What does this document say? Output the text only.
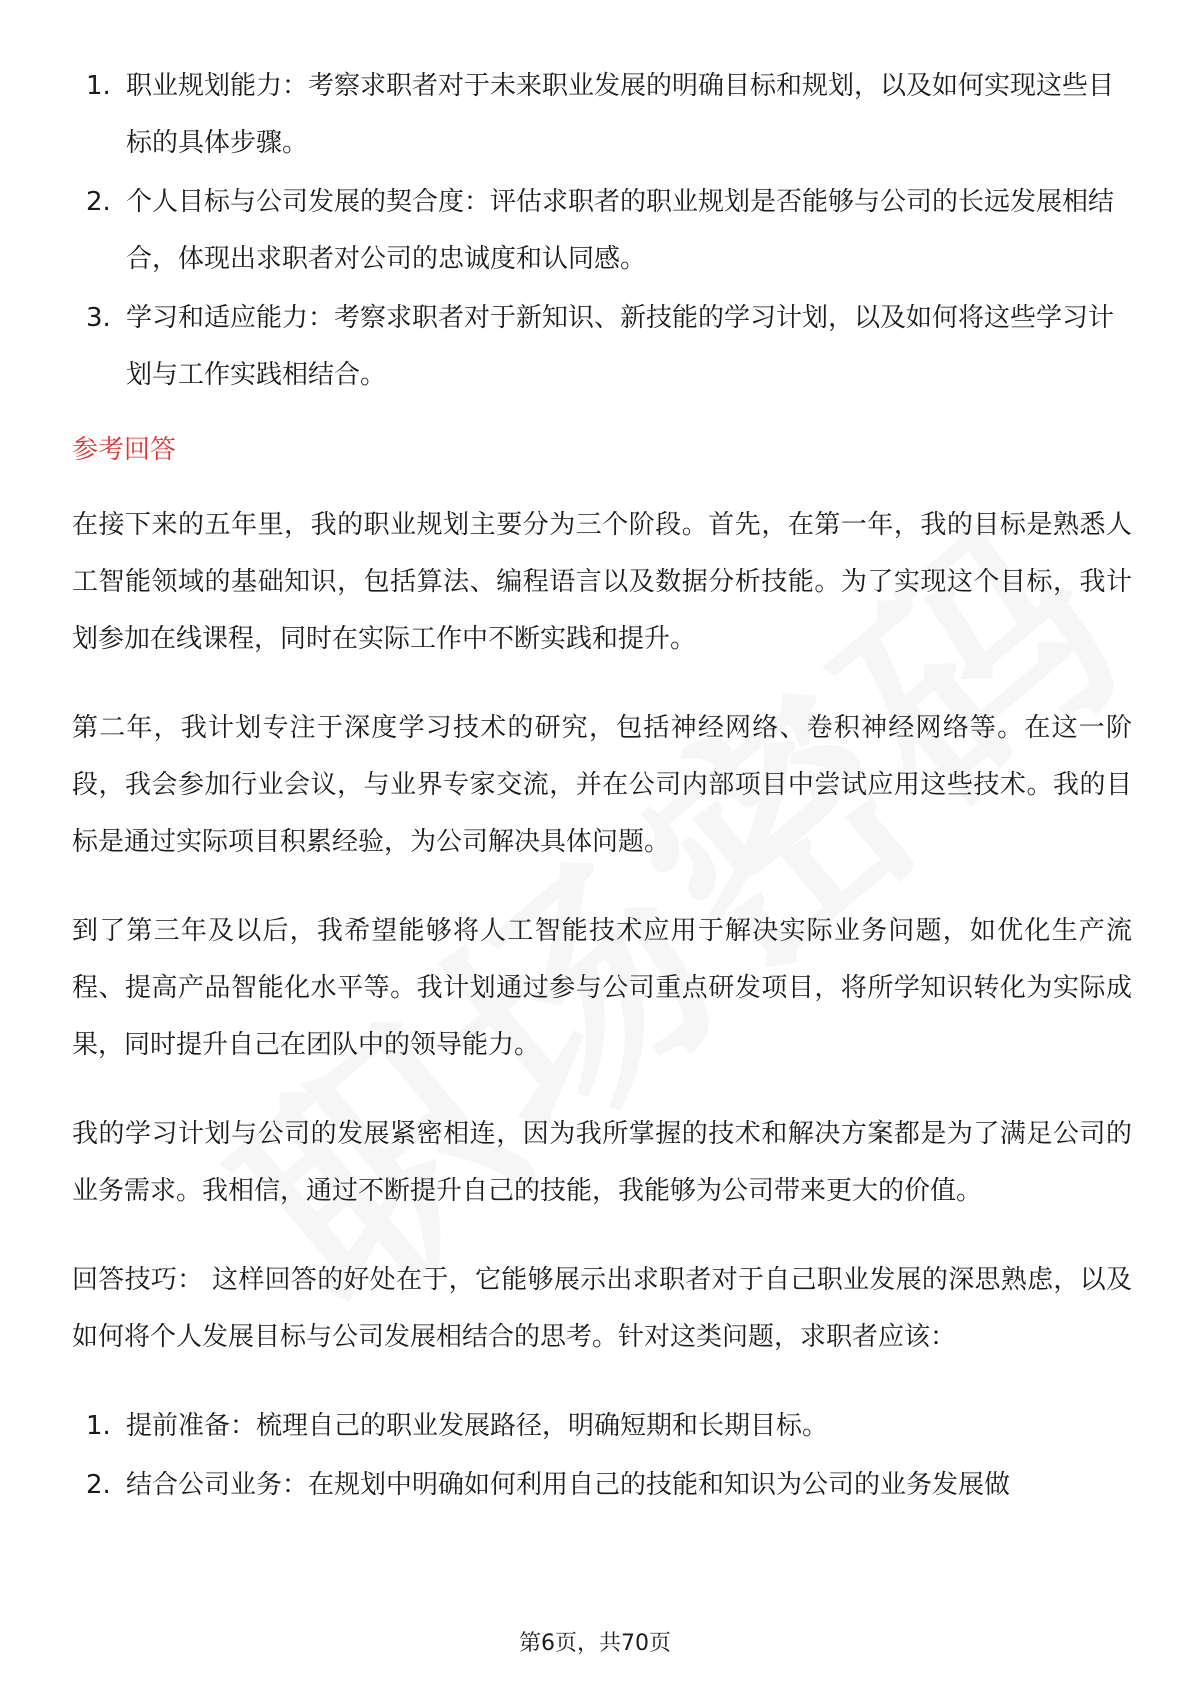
1. 职业规划能力：考察求职者对于未来职业发展的明确目标和规划，以及如何实现这些目标的具体步骤。
2. 个人目标与公司发展的契合度：评估求职者的职业规划是否能够与公司的长远发展相结合，体现出求职者对公司的忠诚度和认同感。
3. 学习和适应能力：考察求职者对于新知识、新技能的学习计划，以及如何将这些学习计划与工作实践相结合。
参考回答

在接下来的五年里，我的职业规划主要分为三个阶段。首先，在第一年，我的目标是熟悉人工智能领域的基础知识，包括算法、编程语言以及数据分析技能。为了实现这个目标，我计划参加在线课程，同时在实际工作中不断实践和提升。

第二年，我计划专注于深度学习技术的研究，包括神经网络、卷积神经网络等。在这一阶段，我会参加行业会议，与业界专家交流，并在公司内部项目中尝试应用这些技术。我的目标是通过实际项目积累经验，为公司解决具体问题。

到了第三年及以后，我希望能够将人工智能技术应用于解决实际业务问题，如优化生产流程、提高产品智能化水平等。我计划通过参与公司重点研发项目，将所学知识转化为实际成果，同时提升自己在团队中的领导能力。

我的学习计划与公司的发展紧密相连，因为我所掌握的技术和解决方案都是为了满足公司的业务需求。我相信，通过不断提升自己的技能，我能够为公司带来更大的价值。

回答技巧： 这样回答的好处在于，它能够展示出求职者对于自己职业发展的深思熟虑，以及如何将个人发展目标与公司发展相结合的思考。针对这类问题，求职者应该：

1. 提前准备：梳理自己的职业发展路径，明确短期和长期目标。
2. 结合公司业务：在规划中明确如何利用自己的技能和知识为公司的业务发展做
第6页，共70页
